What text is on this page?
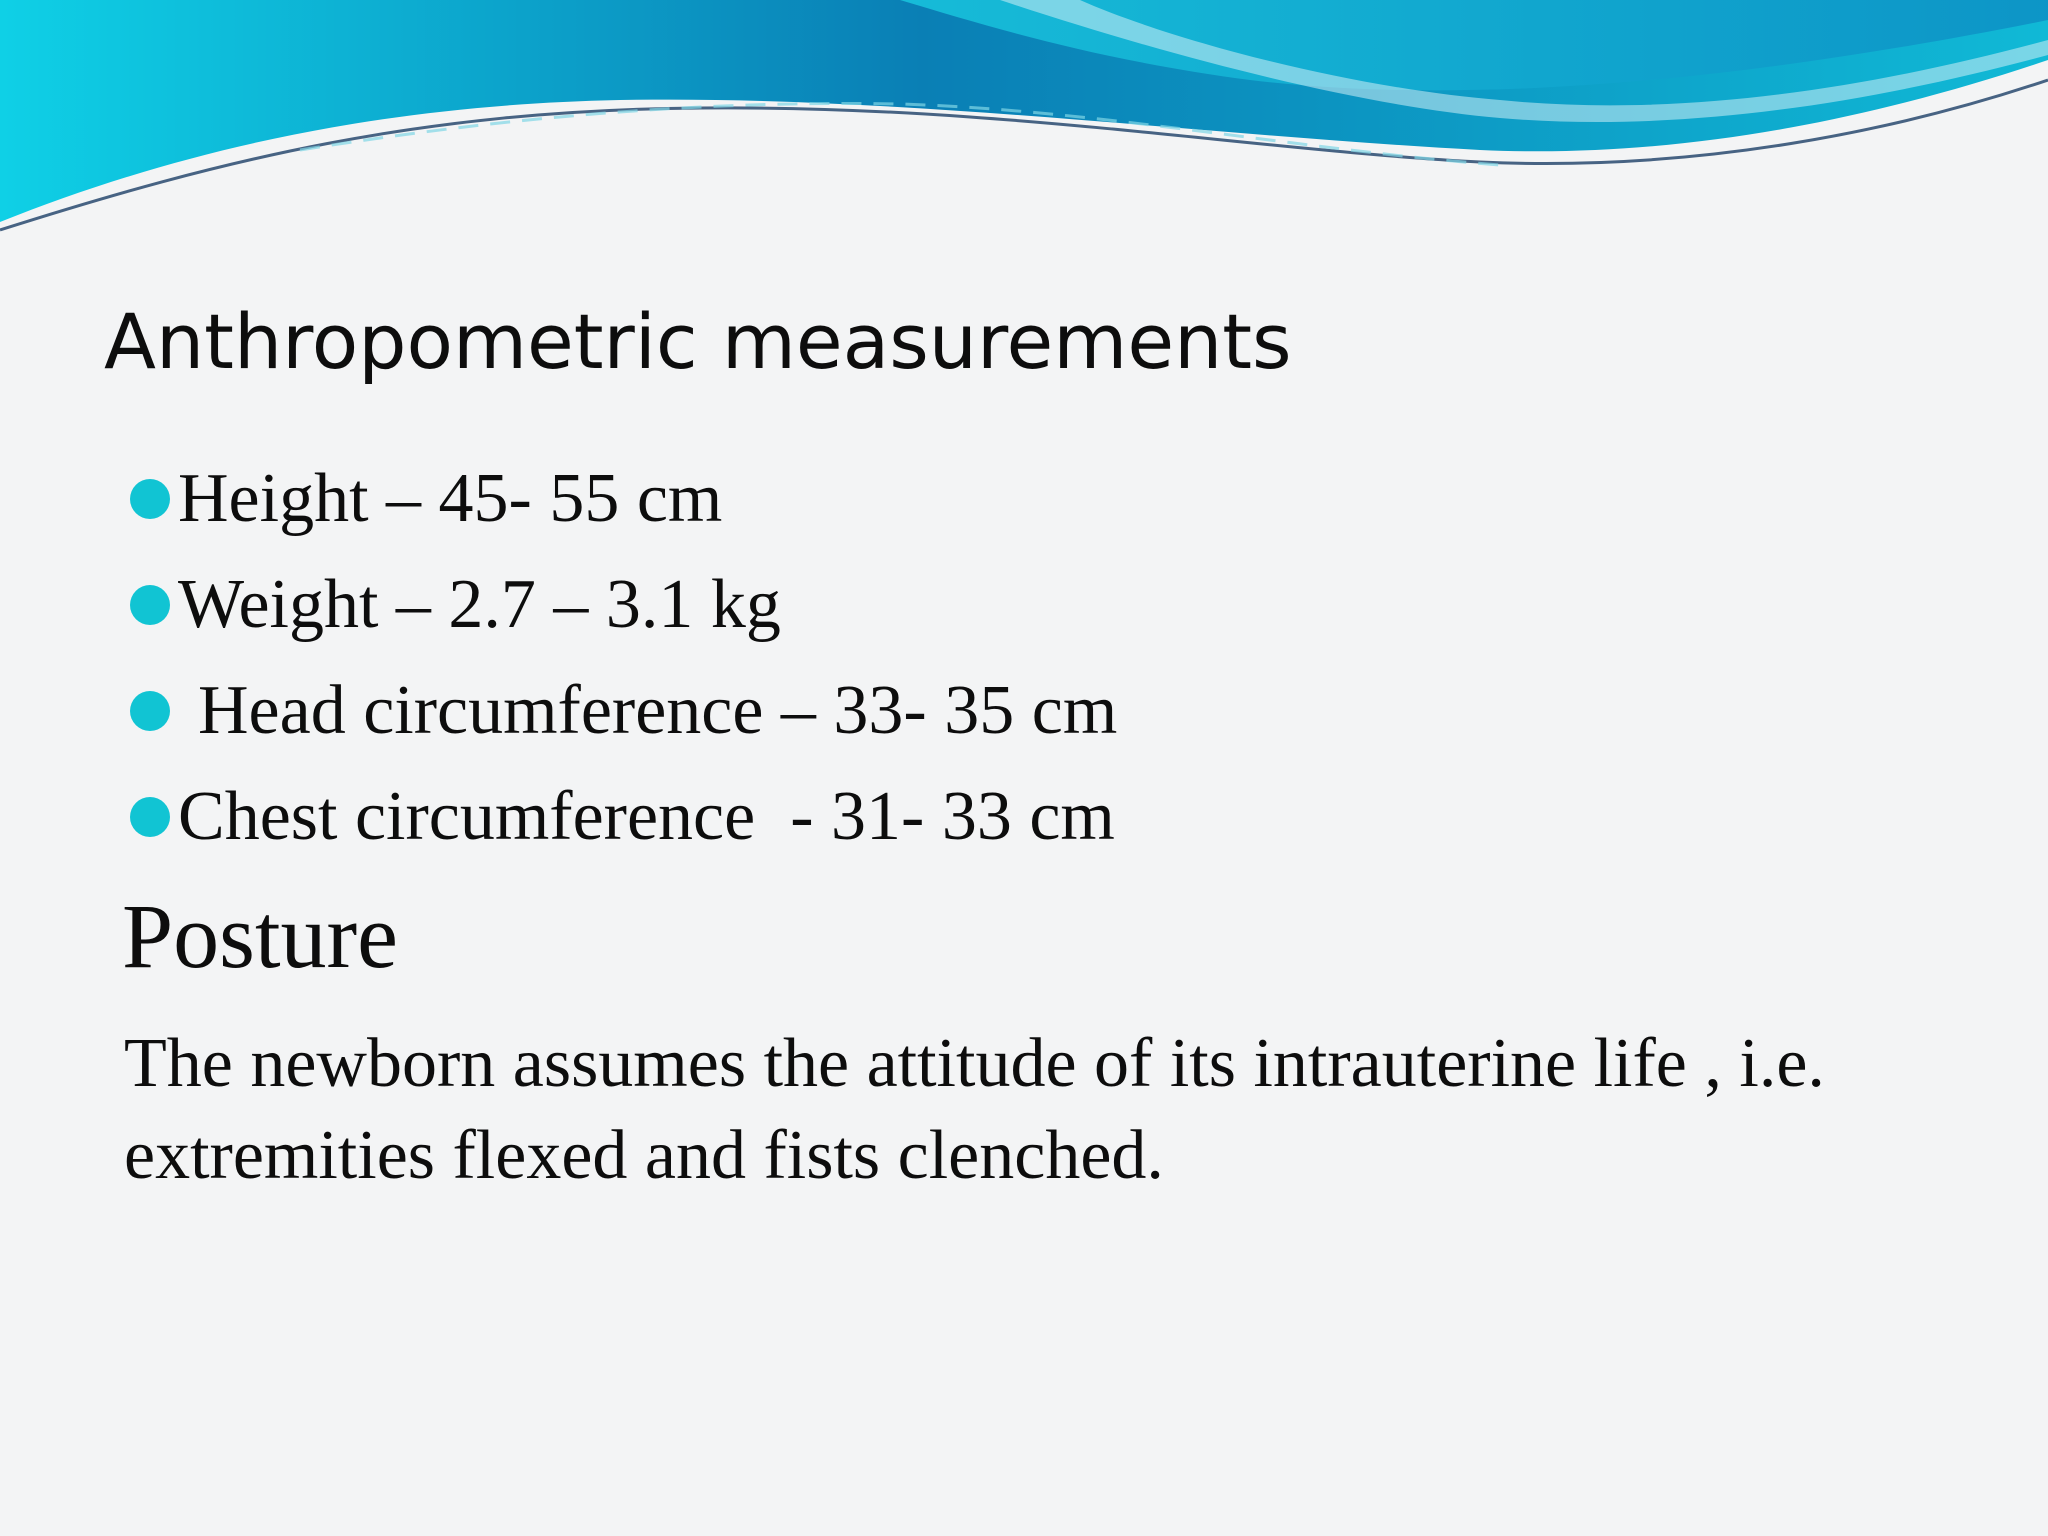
Anthropometric measurements
Height – 45- 55 cm
Weight – 2.7 – 3.1 kg
Head circumference – 33- 35 cm
Chest circumference  - 31- 33 cm
Posture

The newborn assumes the attitude of its intrauterine life , i.e.
extremities flexed and fists clenched.
